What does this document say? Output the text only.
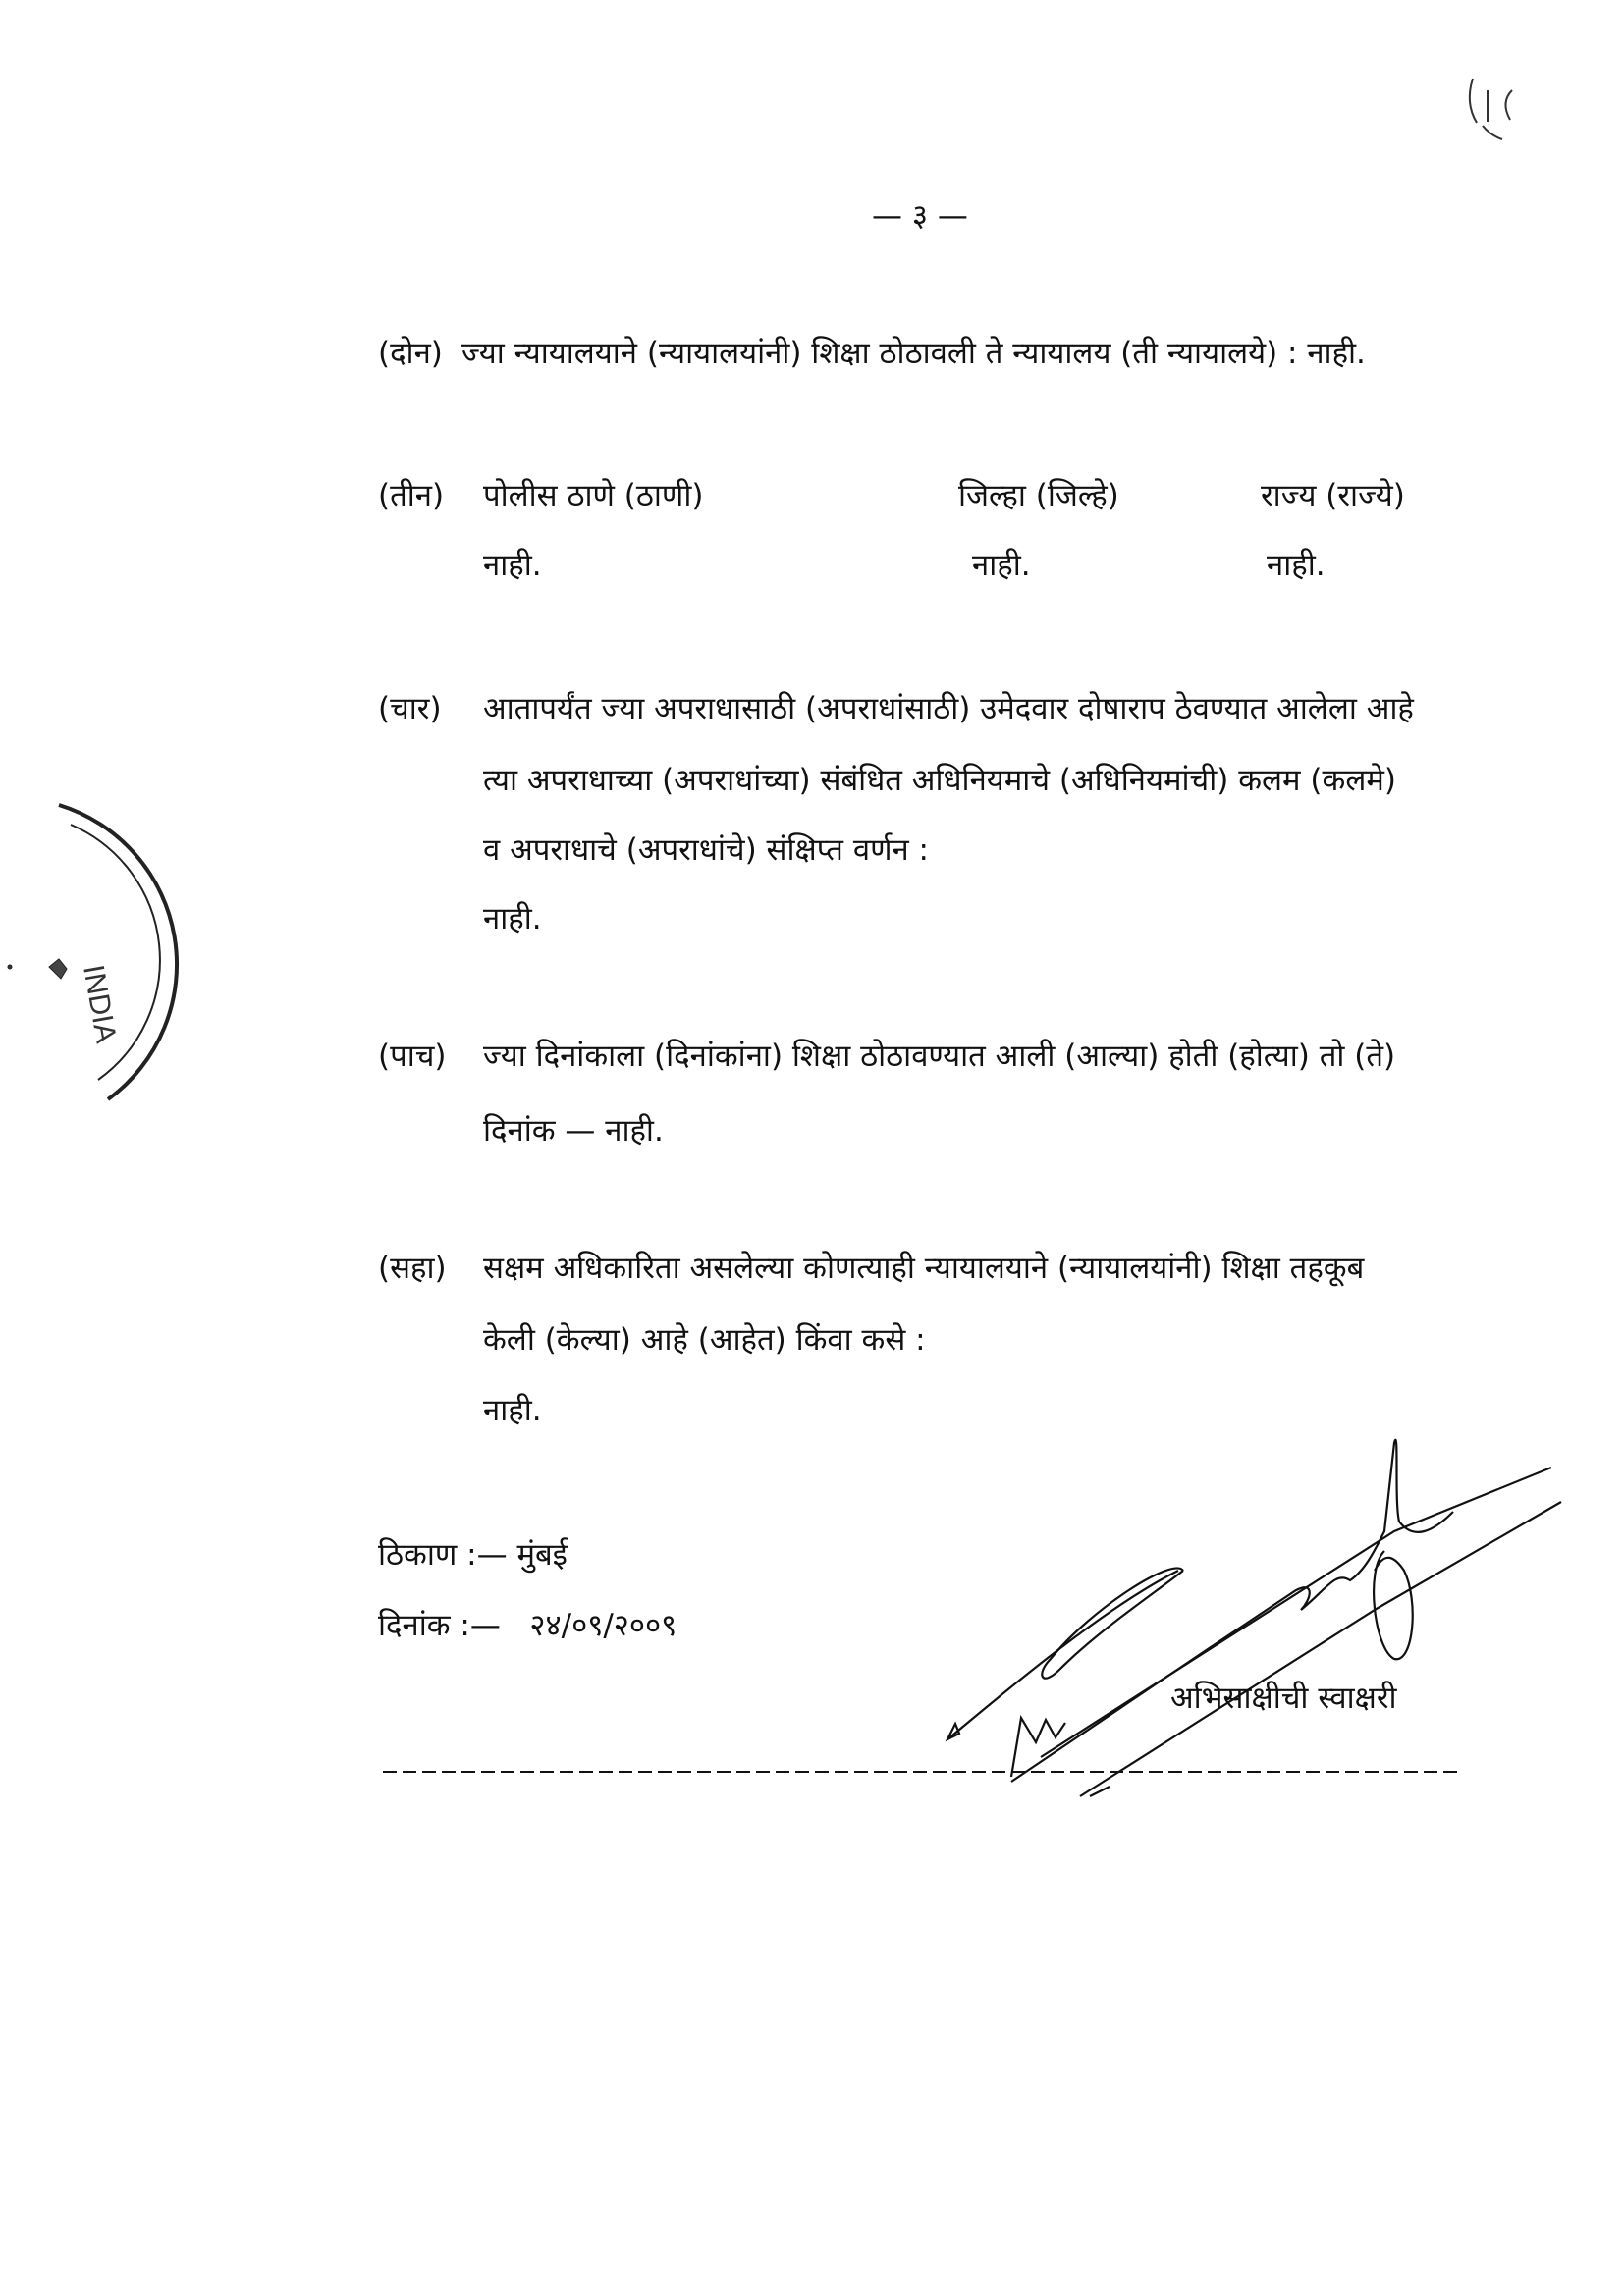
INDIA
— ३ —
(दोन) ज्या न्यायालयाने (न्यायालयांनी) शिक्षा ठोठावली ते न्यायालय (ती न्यायालये) : नाही.
(तीन) पोलीस ठाणे (ठाणी)	जिल्हा (जिल्हे)	राज्य (राज्ये)
नाही.	नाही.	नाही.
(चार) आतापर्यंत ज्या अपराधासाठी (अपराधांसाठी) उमेदवार दोषाराप ठेवण्यात आलेला आहे
त्या अपराधाच्या (अपराधांच्या) संबंधित अधिनियमाचे (अधिनियमांची) कलम (कलमे)
व अपराधाचे (अपराधांचे) संक्षिप्त वर्णन :
नाही.
(पाच) ज्या दिनांकाला (दिनांकांना) शिक्षा ठोठावण्यात आली (आल्या) होती (होत्या) तो (ते)
दिनांक — नाही.
(सहा) सक्षम अधिकारिता असलेल्या कोणत्याही न्यायालयाने (न्यायालयांनी) शिक्षा तहकूब
केली (केल्या) आहे (आहेत) किंवा कसे :
नाही.
ठिकाण :— मुंबई
दिनांक :—   २४/०९/२००९
अभिसाक्षीची स्वाक्षरी
